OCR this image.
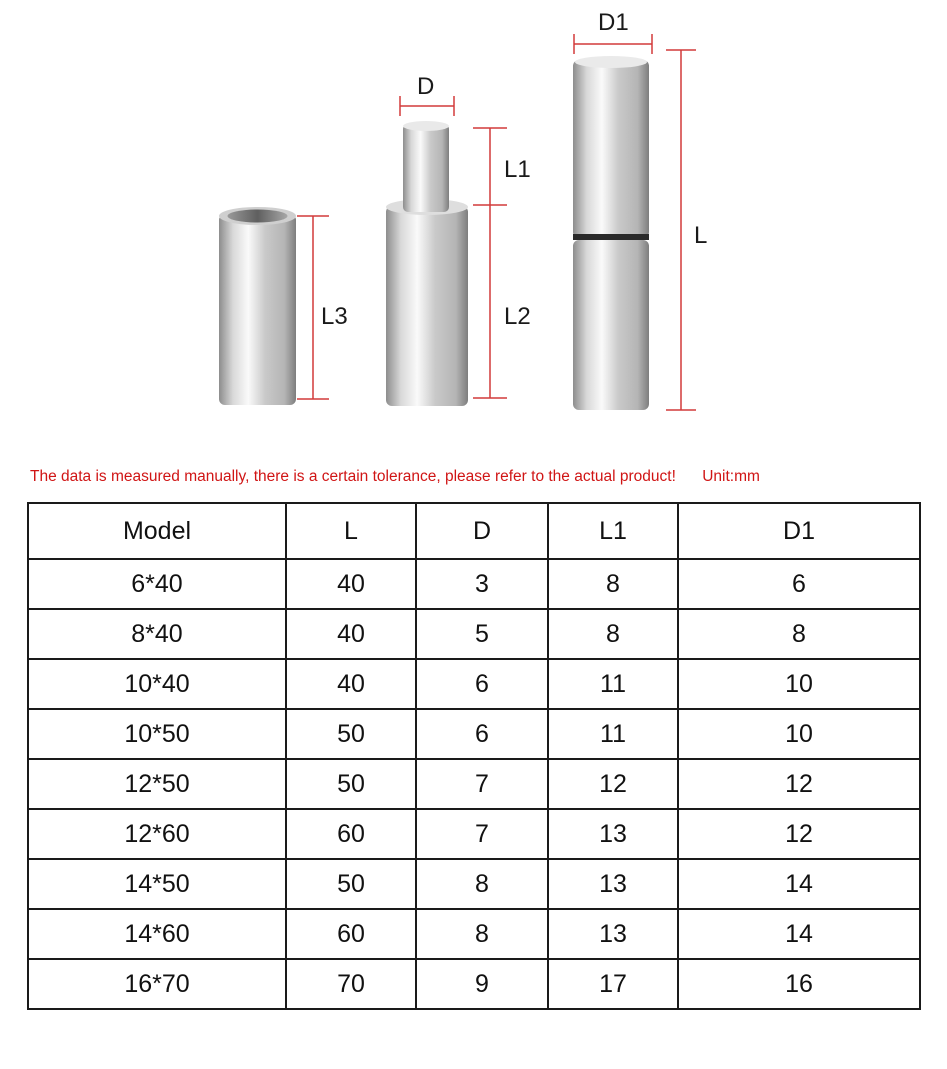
D1
L
D
L1
L2
L3
The data is measured manually, there is a certain tolerance, please refer to the actual product! Unit:mm
Model	L	D	L1	D1
6*40	40	3	8	6
8*40	40	5	8	8
10*40	40	6	11	10
10*50	50	6	11	10
12*50	50	7	12	12
12*60	60	7	13	12
14*50	50	8	13	14
14*60	60	8	13	14
16*70	70	9	17	16
